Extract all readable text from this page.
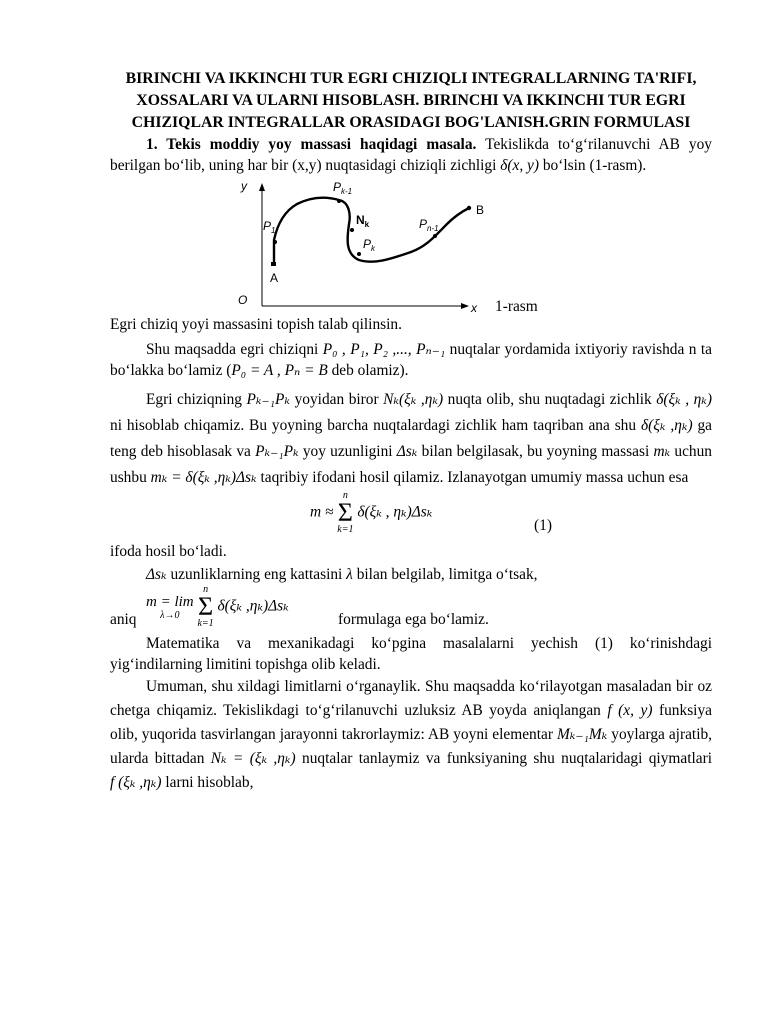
BIRINCHI VA IKKINCHI TUR EGRI CHIZIQLI INTEGRALLARNING TA'RIFI, XOSSALARI VA ULARNI HISOBLASH. BIRINCHI VA IKKINCHI TUR EGRI CHIZIQLAR INTEGRALLAR ORASIDAGI BOG'LANISH.GRIN FORMULASI

1. Tekis moddiy yoy massasi haqidagi masala. Tekislikda to‘g‘rilanuvchi AB yoy berilgan bo‘lib, uning har bir (x,y) nuqtasidagi chiziqli zichligi δ(x, y) bo‘lsin (1-rasm).

y
x
O
A
B
$P_1$
$P_{k-1}$
$N_k$
$P_k$
$P_{n-1}$
1-rasm

Egri chiziq yoyi massasini topish talab qilinsin.

Shu maqsadda egri chiziqni P₀ , P₁, P₂ ,..., Pₙ₋₁ nuqtalar yordamida ixtiyoriy ravishda n ta bo‘lakka bo‘lamiz (P₀ = A , Pₙ = B deb olamiz).

Egri chiziqning Pₖ₋₁Pₖ yoyidan biror Nₖ(ξₖ ,ηₖ) nuqta olib, shu nuqtadagi zichlik δ(ξₖ , ηₖ) ni hisoblab chiqamiz. Bu yoyning barcha nuqtalardagi zichlik ham taqriban ana shu δ(ξₖ ,ηₖ) ga teng deb hisoblasak va Pₖ₋₁Pₖ yoy uzunligini Δsₖ bilan belgilasak, bu yoyning massasi mₖ uchun ushbu mₖ = δ(ξₖ ,ηₖ)Δsₖ taqribiy ifodani hosil qilamiz. Izlanayotgan umumiy massa uchun esa

m ≈
n
Σ
k=1
δ(ξₖ , ηₖ)Δsₖ
(1)

ifoda hosil bo‘ladi.

Δsₖ uzunliklarning eng kattasini λ bilan belgilab, limitga o‘tsak,

aniq
m = lim
λ→0

n
Σ
k=1
δ(ξₖ ,ηₖ)Δsₖ
formulaga ega bo‘lamiz.

Matematika va mexanikadagi ko‘pgina masalalarni yechish (1) ko‘rinishdagi yig‘indilarning limitini topishga olib keladi.

Umuman, shu xildagi limitlarni o‘rganaylik. Shu maqsadda ko‘rilayotgan masaladan bir oz chetga chiqamiz. Tekislikdagi to‘g‘rilanuvchi uzluksiz AB yoyda aniqlangan f (x, y) funksiya olib, yuqorida tasvirlangan jarayonni takrorlaymiz: AB yoyni elementar Mₖ₋₁Mₖ yoylarga ajratib, ularda bittadan Nₖ = (ξₖ ,ηₖ) nuqtalar tanlaymiz va funksiyaning shu nuqtalaridagi qiymatlari f (ξₖ ,ηₖ) larni hisoblab,
